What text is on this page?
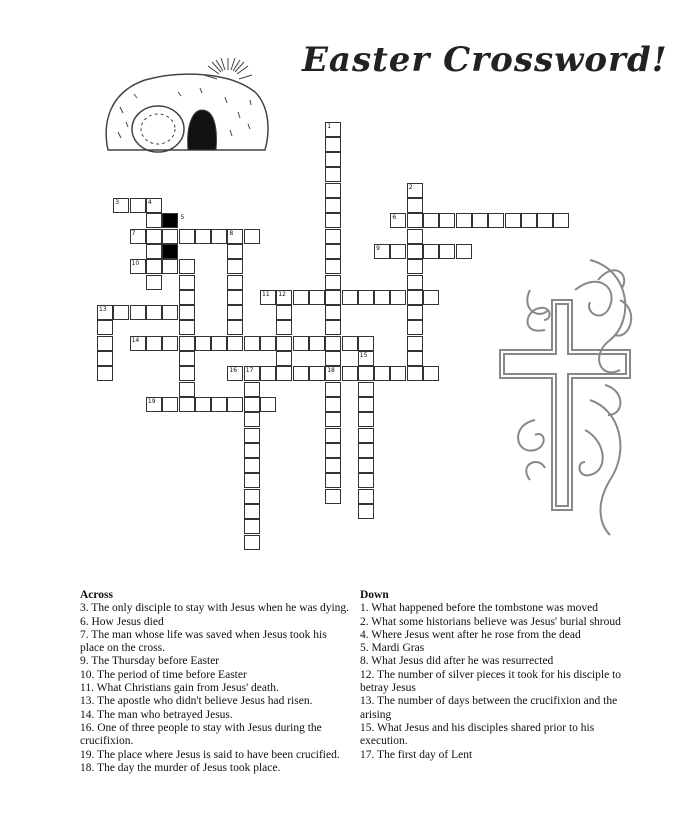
Easter Crossword!
1
2
3	4
5	6
7	8
9
10
11 12
13
14
15
16 17	18
19

Across

3. The only disciple to stay with Jesus when he was dying.

6. How Jesus died

7. The man whose life was saved when Jesus took his place on the cross.

9. The Thursday before Easter

10. The period of time before Easter

11. What Christians gain from Jesus' death.

13. The apostle who didn't believe Jesus had risen.

14. The man who betrayed Jesus.

16. One of three people to stay with Jesus during the crucifixion.

19. The place where Jesus is said to have been crucified.

18. The day the murder of Jesus took place.

Down

1. What happened before the tombstone was moved

2. What some historians believe was Jesus' burial shroud

4. Where Jesus went after he rose from the dead

5. Mardi Gras

8. What Jesus did after he was resurrected

12. The number of silver pieces it took for his disciple to betray Jesus

13. The number of days between the crucifixion and the arising

15. What Jesus and his disciples shared prior to his execution.

17. The first day of Lent
